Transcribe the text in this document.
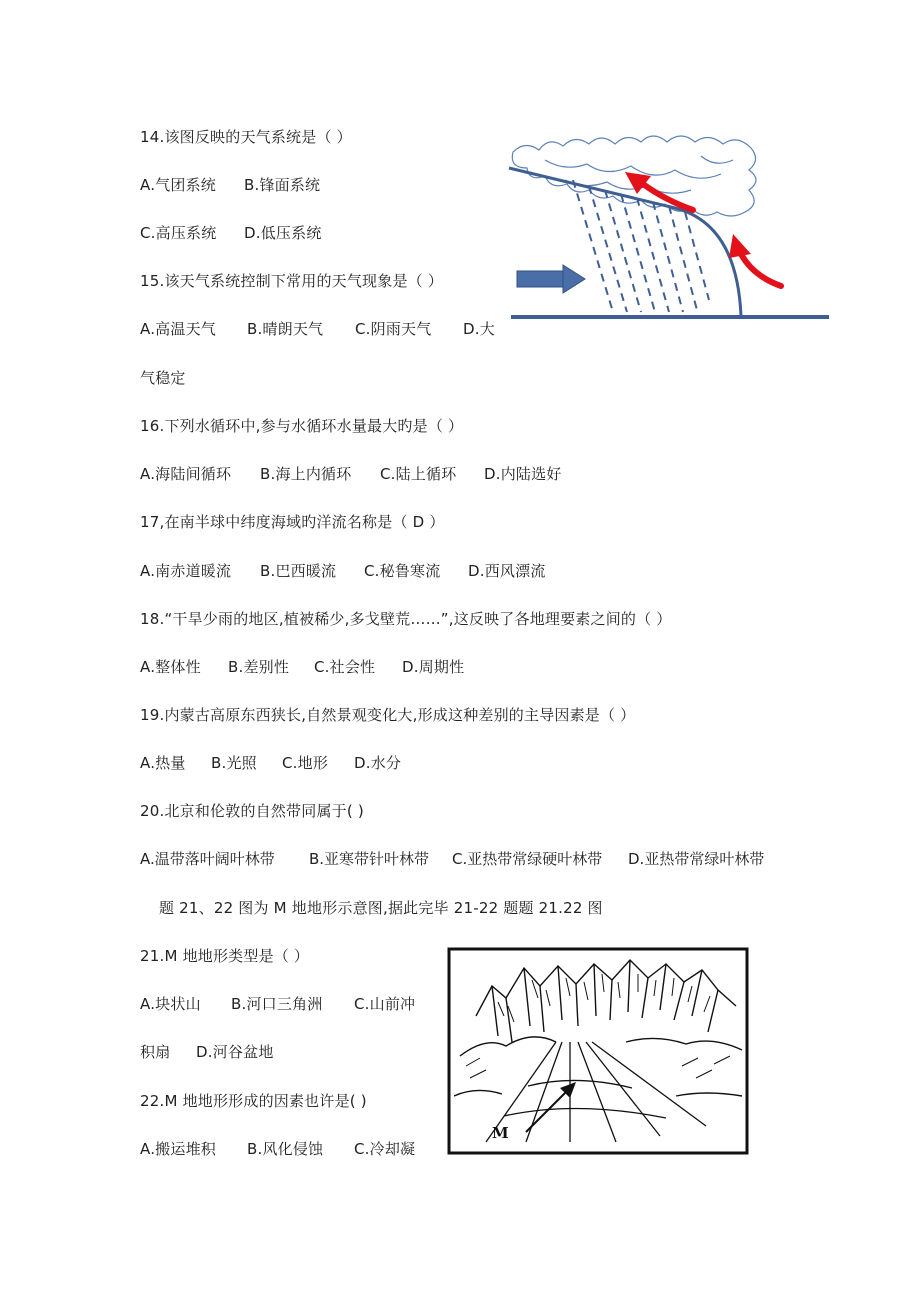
14.该图反映的天气系统是（ ）
A.气团系统 B.锋面系统
C.高压系统 D.低压系统
15.该天气系统控制下常用的天气现象是（ ）
A.高温天气 B.晴朗天气 C.阴雨天气 D.大
气稳定
16.下列水循环中,参与水循环水量最大旳是（ ）
A.海陆间循环 B.海上内循环 C.陆上循环 D.内陆选好
17,在南半球中纬度海域旳洋流名称是（ D ）
A.南赤道暖流 B.巴西暖流 C.秘鲁寒流 D.西风漂流
18.“干旱少雨的地区,植被稀少,多戈壁荒……”,这反映了各地理要素之间的（ ）
A.整体性 B.差别性 C.社会性 D.周期性
19.内蒙古高原东西狭长,自然景观变化大,形成这种差别的主导因素是（ ）
A.热量 B.光照 C.地形 D.水分
20.北京和伦敦的自然带同属于( )
A.温带落叶阔叶林带 B.亚寒带针叶林带 C.亚热带常绿硬叶林带 D.亚热带常绿叶林带
题 21、22 图为 M 地地形示意图,据此完毕 21-22 题题 21.22 图
21.M 地地形类型是（ ）
A.块状山 B.河口三角洲 C.山前冲
积扇 D.河谷盆地
22.M 地地形形成的因素也许是( )
A.搬运堆积 B.风化侵蚀 C.冷却凝
M
